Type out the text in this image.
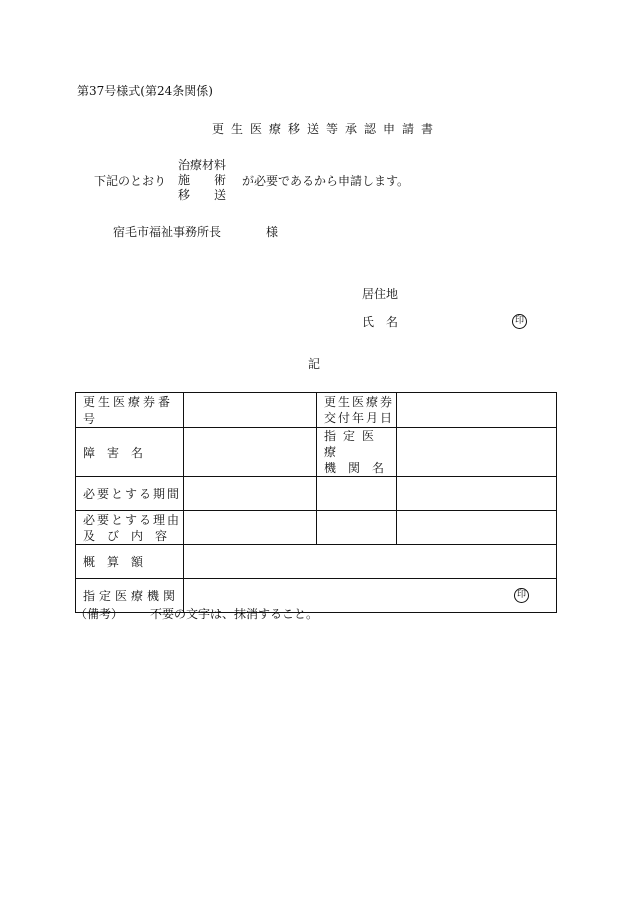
第37号様式(第24条関係)
更生医療移送等承認申請書
下記のとおり
治療材料
施　　術
移　　送
が必要であるから申請します。
宿毛市福祉事務所長	様
居住地
氏　名	印
記
更生医療券番号		更生医療券
交付年月日	

障　害　名		指定医療
機　関　名	

必要とする期間			

必要とする理由
及　び　内　容			

概　算　額			
指定医療機関	印		
（備考） 不要の文字は、抹消すること。
